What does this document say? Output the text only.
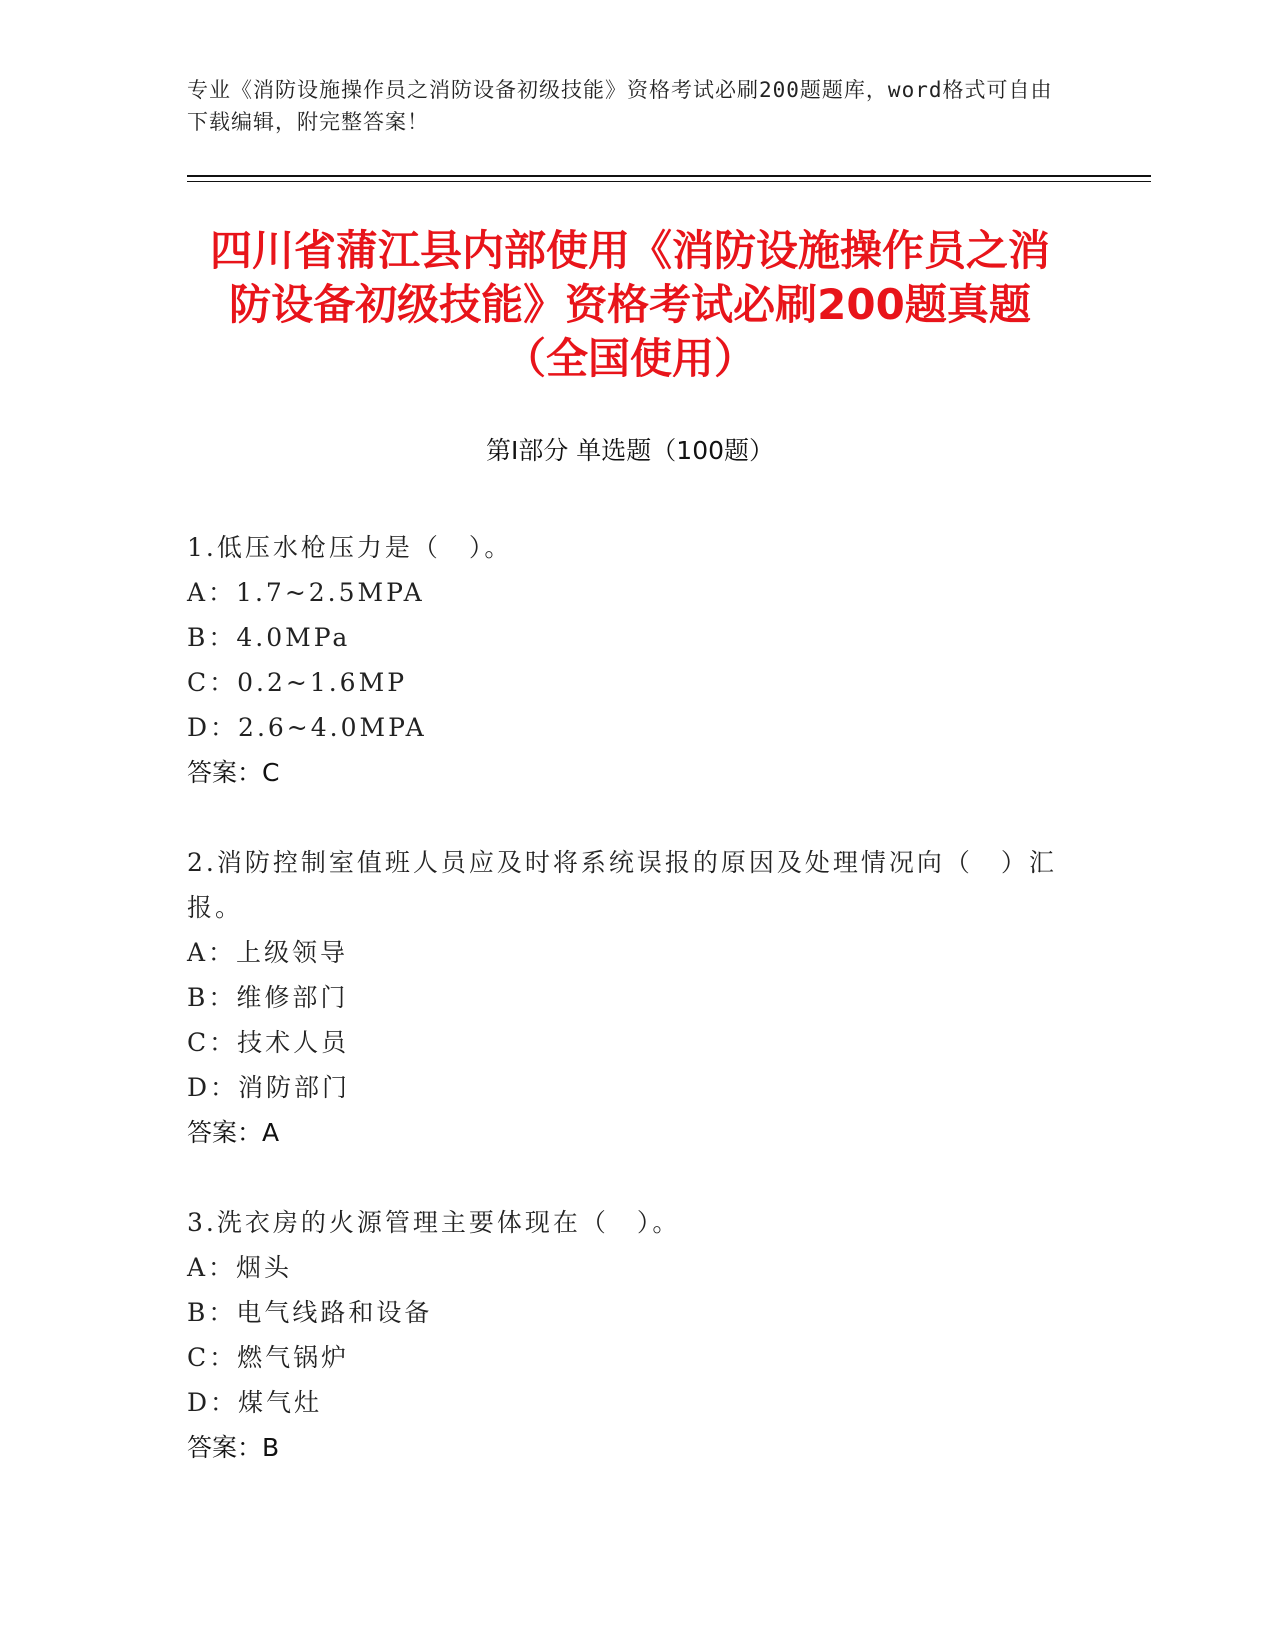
专业《消防设施操作员之消防设备初级技能》资格考试必刷200题题库，word格式可自由下载编辑，附完整答案！
四川省蒲江县内部使用《消防设施操作员之消防设备初级技能》资格考试必刷200题真题（全国使用）
第Ⅰ部分 单选题（100题）
1.低压水枪压力是（　）。
A：1.7~2.5MPA
B：4.0MPa
C：0.2~1.6MP
D：2.6~4.0MPA
答案：C
2.消防控制室值班人员应及时将系统误报的原因及处理情况向（　）汇报。
A：上级领导
B：维修部门
C：技术人员
D：消防部门
答案：A
3.洗衣房的火源管理主要体现在（　）。
A：烟头
B：电气线路和设备
C：燃气锅炉
D：煤气灶
答案：B
